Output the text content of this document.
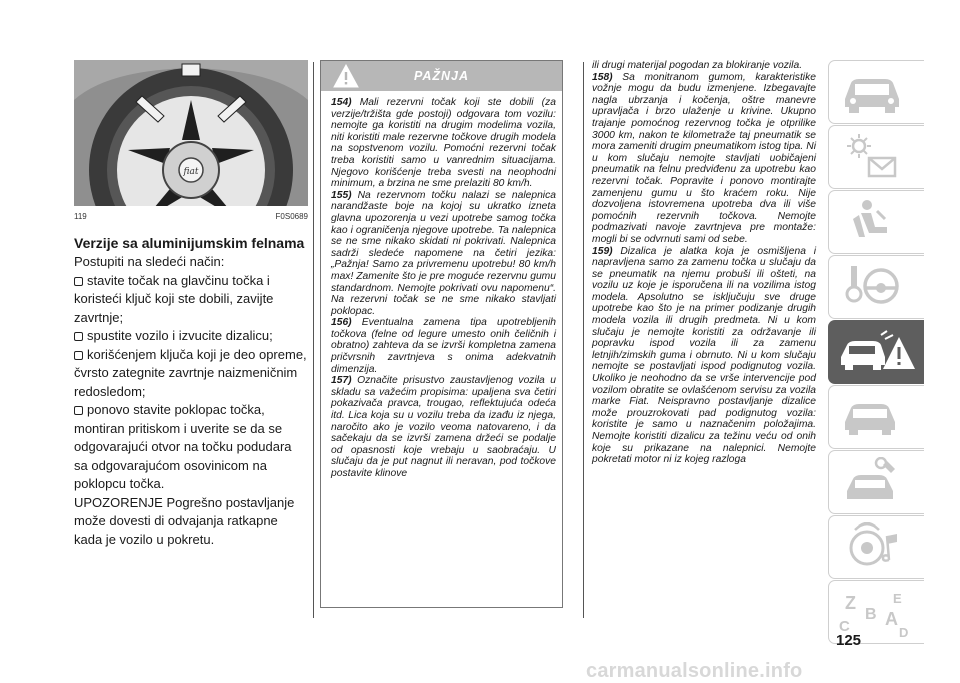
fiat
119	F0S0689
Verzije sa aluminijumskim felnama

Postupiti na sledeći način:

stavite točak na glavčinu točka i koristeći ključ koji ste dobili, zavijte zavrtnje;

spustite vozilo i izvucite dizalicu;

korišćenjem ključa koji je deo opreme, čvrsto zategnite zavrtnje naizmeničnim redosledom;

ponovo stavite poklopac točka, montiran pritiskom i uverite se da se odgovarajući otvor na točku podudara sa odgovarajućom osovinicom na poklopcu točka.

UPOZORENJE Pogrešno postavljanje može dovesti di odvajanja ratkapne kada je vozilo u pokretu.

PAŽNJA

154) Mali rezervni točak koji ste dobili (za verzije/tržišta gde postoji) odgovara tom vozilu: nemojte ga koristiti na drugim modelima vozila, niti koristiti male rezervne točkove drugih modela na sopstvenom vozilu. Pomoćni rezervni točak treba koristiti samo u vanrednim situacijama. Njegovo korišćenje treba svesti na neophodni minimum, a brzina ne sme prelaziti 80 km/h.

155) Na rezervnom točku nalazi se nalepnica narandžaste boje na kojoj su ukratko izneta glavna upozorenja u vezi upotrebe samog točka kao i ograničenja njegove upotrebe. Ta nalepnica se ne sme nikako skidati ni pokrivati. Nalepnica sadrži sledeće napomene na četiri jezika: „Pažnja! Samo za privremenu upotrebu! 80 km/h max! Zamenite što je pre moguće rezervnu gumu standardnom. Nemojte pokrivati ovu napomenu“. Na rezervni točak se ne sme nikako stavljati poklopac.

156) Eventualna zamena tipa upotrebljenih točkova (felne od legure umesto onih čeličnih i obratno) zahteva da se izvrši kompletna zamena pričvrsnih zavrtnjeva s onima adekvatnih dimenzija.

157) Označite prisustvo zaustavljenog vozila u skladu sa važećim propisima: upaljena sva četiri pokazivača pravca, trougao, reflektujuća odeća itd. Lica koja su u vozilu treba da izađu iz njega, naročito ako je vozilo veoma natovareno, i da sačekaju da se izvrši zamena držeći se podalje od opasnosti koje vrebaju u saobraćaju. U slučaju da je put nagnut ili neravan, pod točkove postavite klinove

ili drugi materijal pogodan za blokiranje vozila.

158) Sa monitranom gumom, karakteristike vožnje mogu da budu izmenjene. Izbegavajte nagla ubrzanja i kočenja, oštre manevre upravljača i brzo ulaženje u krivine. Ukupno trajanje pomoćnog rezervnog točka je otprilike 3000 km, nakon te kilometraže taj pneumatik se mora zameniti drugim pneumatikom istog tipa. Ni u kom slučaju nemojte stavljati uobičajeni pneumatik na felnu predviđenu za upotrebu kao rezervni točak. Popravite i ponovo montirajte zamenjenu gumu u što kraćem roku. Nije dozvoljena istovremena upotreba dva ili više pomoćnih rezervnih točkova. Nemojte podmazivati navoje zavrtnjeva pre montaže: mogli bi se odvrnuti sami od sebe.

159) Dizalica je alatka koja je osmišljena i napravljena samo za zamenu točka u slučaju da se pneumatik na njemu probuši ili ošteti, na vozilu uz koje je isporučena ili na vozilima istog modela. Apsolutno se isključuju sve druge upotrebe kao što je na primer podizanje drugih modela vozila ili drugih predmeta. Ni u kom slučaju je nemojte koristiti za održavanje ili popravku ispod vozila ili za zamenu letnjih/zimskih guma i obrnuto. Ni u kom slučaju nemojte se postavljati ispod podignutog vozila. Ukoliko je neohodno da se vrše intervencije pod vozilom obratite se ovlašćenom servisu za vozila marke Fiat. Neispravno postavljanje dizalice može prouzrokovati pad podignutog vozila: koristite je samo u naznačenim položajima. Nemojte koristiti dizalicu za težinu veću od onih koje su prikazane na nalepnici. Nemojte pokretati motor ni iz kojeg razloga

Z	E
C
B A
D
125
carmanualsonline.info
